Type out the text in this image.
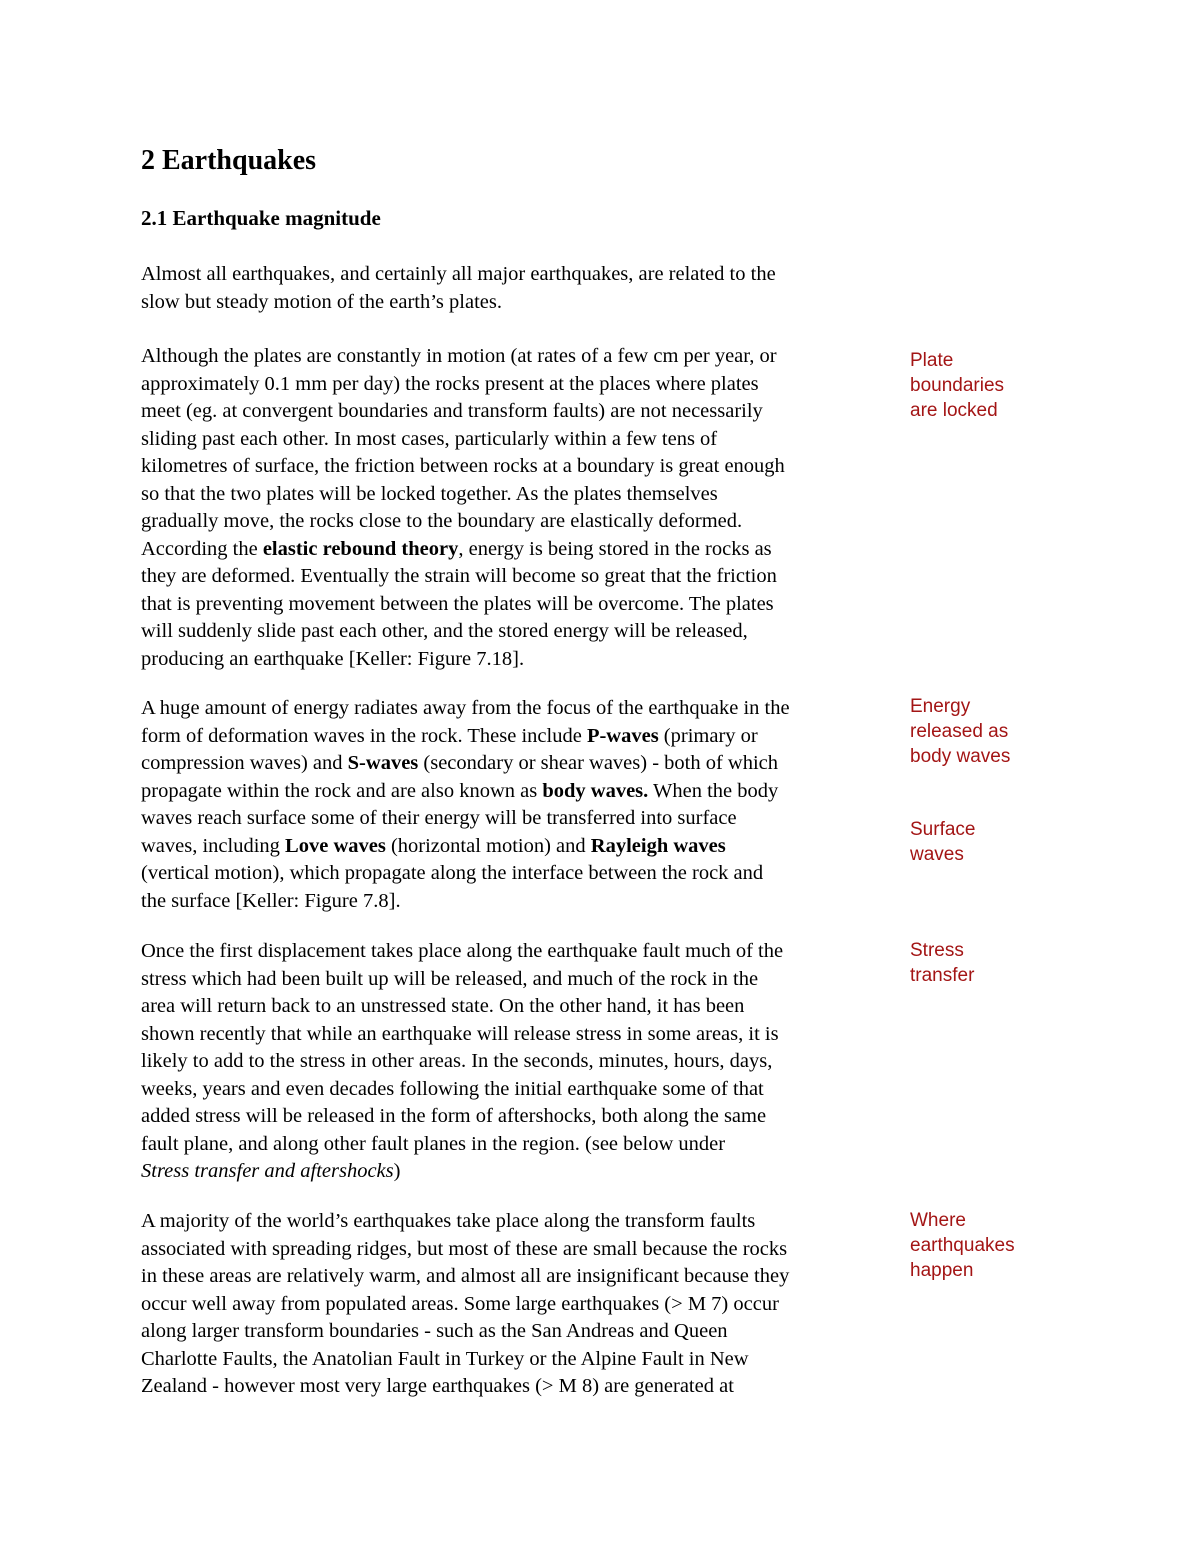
2 Earthquakes
2.1 Earthquake magnitude

Almost all earthquakes, and certainly all major earthquakes, are related to the
slow but steady motion of the earth’s plates.

Although the plates are constantly in motion (at rates of a few cm per year, or
approximately 0.1 mm per day) the rocks present at the places where plates
meet (eg. at convergent boundaries and transform faults) are not necessarily
sliding past each other. In most cases, particularly within a few tens of
kilometres of surface, the friction between rocks at a boundary is great enough
so that the two plates will be locked together. As the plates themselves
gradually move, the rocks close to the boundary are elastically deformed.
According the elastic rebound theory, energy is being stored in the rocks as
they are deformed. Eventually the strain will become so great that the friction
that is preventing movement between the plates will be overcome. The plates
will suddenly slide past each other, and the stored energy will be released,
producing an earthquake [Keller: Figure 7.18].

A huge amount of energy radiates away from the focus of the earthquake in the
form of deformation waves in the rock. These include P-waves (primary or
compression waves) and S-waves (secondary or shear waves) - both of which
propagate within the rock and are also known as body waves. When the body
waves reach surface some of their energy will be transferred into surface
waves, including Love waves (horizontal motion) and Rayleigh waves
(vertical motion), which propagate along the interface between the rock and
the surface [Keller: Figure 7.8].

Once the first displacement takes place along the earthquake fault much of the
stress which had been built up will be released, and much of the rock in the
area will return back to an unstressed state. On the other hand, it has been
shown recently that while an earthquake will release stress in some areas, it is
likely to add to the stress in other areas. In the seconds, minutes, hours, days,
weeks, years and even decades following the initial earthquake some of that
added stress will be released in the form of aftershocks, both along the same
fault plane, and along other fault planes in the region. (see below under
Stress transfer and aftershocks)

A majority of the world’s earthquakes take place along the transform faults
associated with spreading ridges, but most of these are small because the rocks
in these areas are relatively warm, and almost all are insignificant because they
occur well away from populated areas. Some large earthquakes (> M 7) occur
along larger transform boundaries - such as the San Andreas and Queen
Charlotte Faults, the Anatolian Fault in Turkey or the Alpine Fault in New
Zealand - however most very large earthquakes (> M 8) are generated at

Plate
boundaries
are locked
Energy
released as
body waves
Surface
waves
Stress
transfer
Where
earthquakes
happen
